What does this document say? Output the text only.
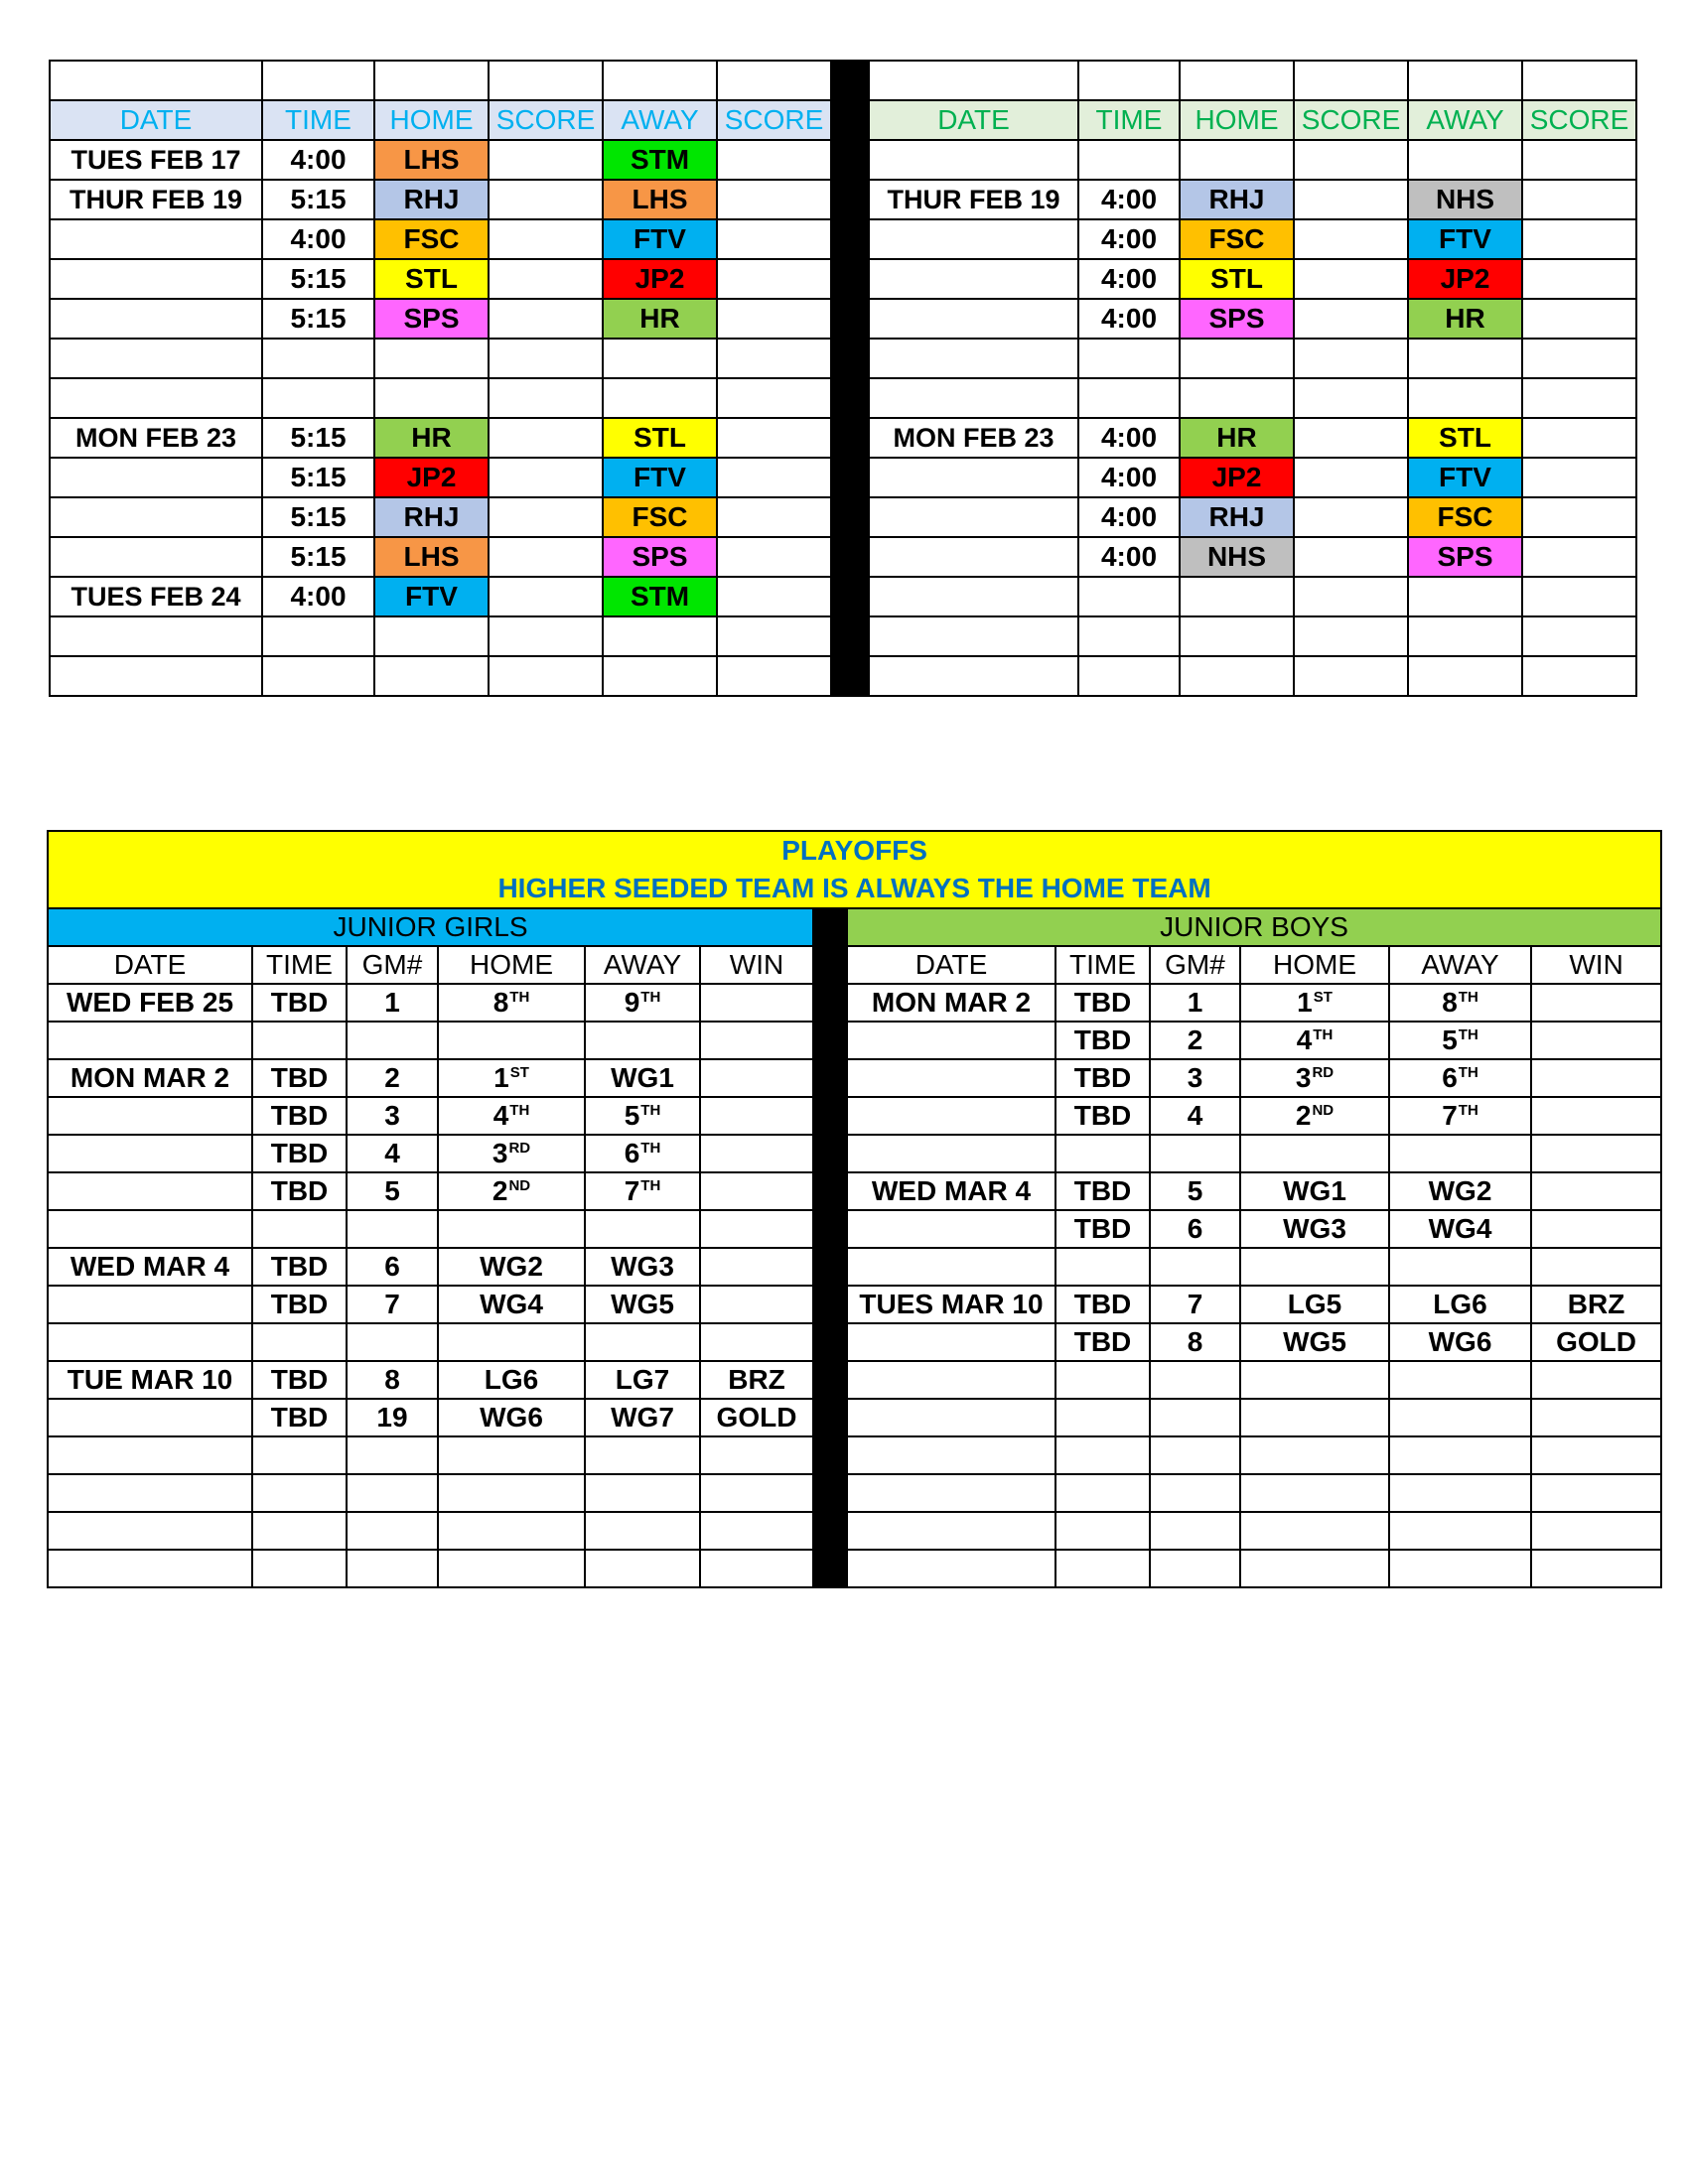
DATE	TIME	HOME	SCORE	AWAY	SCORE		DATE	TIME	HOME	SCORE	AWAY	SCORE
TUES FEB 17	4:00	LHS		STM								
THUR FEB 19	5:15	RHJ		LHS			THUR FEB 19	4:00	RHJ		NHS	
	4:00	FSC		FTV				4:00	FSC		FTV	
	5:15	STL		JP2				4:00	STL		JP2	
	5:15	SPS		HR				4:00	SPS		HR	

MON FEB 23	5:15	HR		STL			MON FEB 23	4:00	HR		STL	
	5:15	JP2		FTV				4:00	JP2		FTV	
	5:15	RHJ		FSC				4:00	RHJ		FSC	
	5:15	LHS		SPS				4:00	NHS		SPS	
TUES FEB 24	4:00	FTV		STM								

PLAYOFFS
HIGHER SEEDED TEAM IS ALWAYS THE HOME TEAM												

JUNIOR GIRLS							JUNIOR BOYS					
DATE	TIME	GM#	HOME	AWAY	WIN		DATE	TIME	GM#	HOME	AWAY	WIN
WED FEB 25	TBD	1	8TH	9TH			MON MAR 2	TBD	1	1ST	8TH	
								TBD	2	4TH	5TH	
MON MAR 2	TBD	2	1ST	WG1				TBD	3	3RD	6TH	
	TBD	3	4TH	5TH				TBD	4	2ND	7TH	
	TBD	4	3RD	6TH								
	TBD	5	2ND	7TH			WED MAR 4	TBD	5	WG1	WG2	
								TBD	6	WG3	WG4	
WED MAR 4	TBD	6	WG2	WG3								
	TBD	7	WG4	WG5			TUES MAR 10	TBD	7	LG5	LG6	BRZ
								TBD	8	WG5	WG6	GOLD
TUE MAR 10	TBD	8	LG6	LG7	BRZ							
	TBD	19	WG6	WG7	GOLD							
